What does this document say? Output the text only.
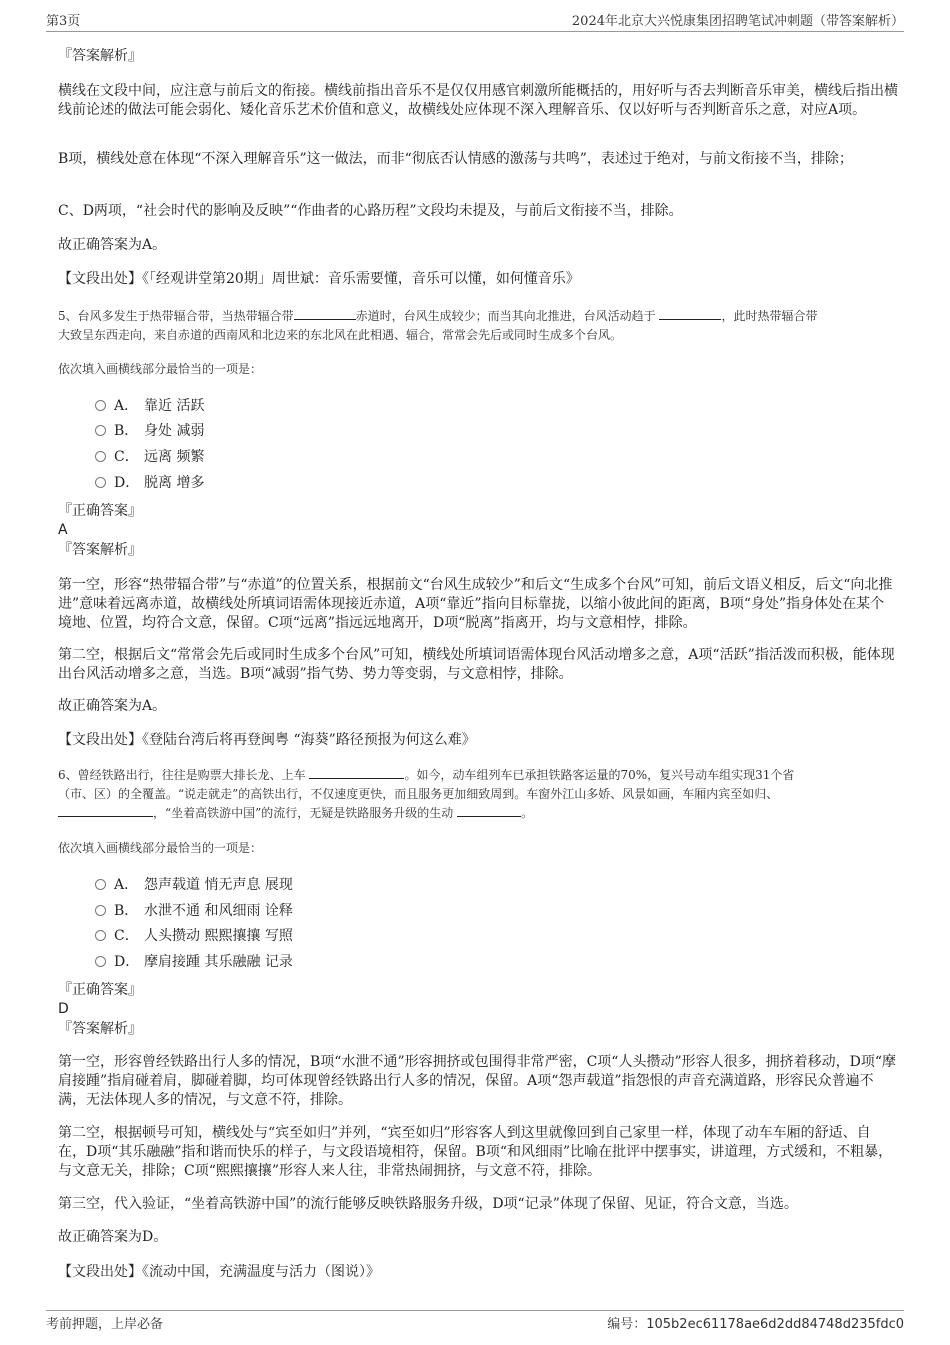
第3页	2024年北京大兴悦康集团招聘笔试冲刺题（带答案解析）

『答案解析』

横线在文段中间，应注意与前后文的衔接。横线前指出音乐不是仅仅用感官刺激所能概括的，用好听与否去判断音乐审美，横线后指出横线前论述的做法可能会弱化、矮化音乐艺术价值和意义，故横线处应体现不深入理解音乐、仅以好听与否判断音乐之意，对应A项。

B项，横线处意在体现“不深入理解音乐”这一做法，而非“彻底否认情感的激荡与共鸣”，表述过于绝对，与前文衔接不当，排除；

C、D两项，“社会时代的影响及反映”“作曲者的心路历程”文段均未提及，与前后文衔接不当，排除。

故正确答案为A。

【文段出处】《「经观讲堂第20期」周世斌：音乐需要懂，音乐可以懂，如何懂音乐》

5、台风多发生于热带辐合带，当热带辐合带	赤道时，台风生成较少；而当其向北推进，台风活动趋于	，此时热带辐合带
大致呈东西走向，来自赤道的西南风和北边来的东北风在此相遇、辐合，常常会先后或同时生成多个台风。

依次填入画横线部分最恰当的一项是：

A． 靠近 活跃
B． 身处 减弱
C． 远离 频繁
D． 脱离 增多

『正确答案』

A

『答案解析』

第一空，形容“热带辐合带”与“赤道”的位置关系，根据前文“台风生成较少”和后文“生成多个台风”可知，前后文语义相反，后文“向北推进”意味着远离赤道，故横线处所填词语需体现接近赤道，A项“靠近”指向目标靠拢，以缩小彼此间的距离，B项“身处”指身体处在某个境地、位置，均符合文意，保留。C项“远离”指远远地离开，D项“脱离”指离开，均与文意相悖，排除。

第二空，根据后文“常常会先后或同时生成多个台风”可知，横线处所填词语需体现台风活动增多之意，A项“活跃”指活泼而积极，能体现出台风活动增多之意，当选。B项“减弱”指气势、势力等变弱，与文意相悖，排除。

故正确答案为A。

【文段出处】《登陆台湾后将再登闽粤 “海葵”路径预报为何这么难》

6、曾经铁路出行，往往是购票大排长龙、上车	。如今，动车组列车已承担铁路客运量的70%，复兴号动车组实现31个省
（市、区）的全覆盖。“说走就走”的高铁出行，不仅速度更快，而且服务更加细致周到。车窗外江山多娇、风景如画，车厢内宾至如归、
，“坐着高铁游中国”的流行，无疑是铁路服务升级的生动	。

依次填入画横线部分最恰当的一项是：

A． 怨声载道 悄无声息 展现
B． 水泄不通 和风细雨 诠释
C． 人头攒动 熙熙攘攘 写照
D． 摩肩接踵 其乐融融 记录

『正确答案』

D

『答案解析』

第一空，形容曾经铁路出行人多的情况，B项“水泄不通”形容拥挤或包围得非常严密，C项“人头攒动”形容人很多，拥挤着移动，D项“摩肩接踵”指肩碰着肩，脚碰着脚，均可体现曾经铁路出行人多的情况，保留。A项“怨声载道”指怨恨的声音充满道路，形容民众普遍不满，无法体现人多的情况，与文意不符，排除。

第二空，根据顿号可知，横线处与“宾至如归”并列，“宾至如归”形容客人到这里就像回到自己家里一样，体现了动车车厢的舒适、自在，D项“其乐融融”指和谐而快乐的样子，与文段语境相符，保留。B项“和风细雨”比喻在批评中摆事实，讲道理，方式缓和，不粗暴，与文意无关，排除；C项“熙熙攘攘”形容人来人往，非常热闹拥挤，与文意不符，排除。

第三空，代入验证，“坐着高铁游中国”的流行能够反映铁路服务升级，D项“记录”体现了保留、见证，符合文意，当选。

故正确答案为D。

【文段出处】《流动中国，充满温度与活力（图说）》

考前押题，上岸必备	编号：105b2ec61178ae6d2dd84748d235fdc0
